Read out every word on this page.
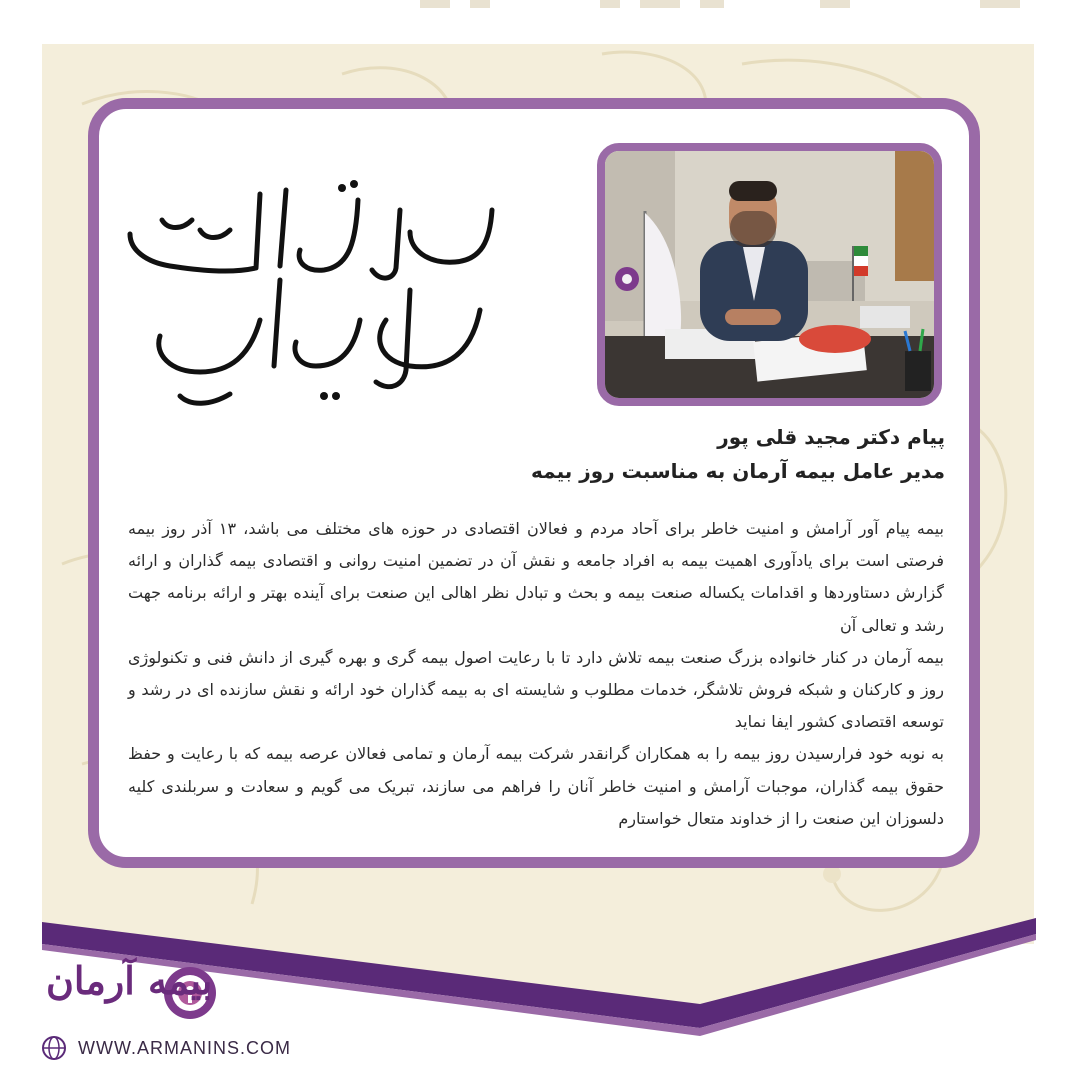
روز بیمه
گرامی باد
پیام دکتر مجید قلی پور
مدیر عامل بیمه آرمان به مناسبت روز بیمه

بیمه پیام آور آرامش و امنیت خاطر برای آحاد مردم و فعالان اقتصادی در حوزه های مختلف می باشد، ۱۳ آذر روز بیمه فرصتی است برای یادآوری اهمیت بیمه به افراد جامعه و نقش آن در تضمین امنیت روانی و اقتصادی بیمه گذاران و ارائه گزارش دستاوردها و اقدامات یکساله صنعت بیمه و بحث و تبادل نظر اهالی این صنعت برای آینده بهتر و ارائه برنامه جهت رشد و تعالی آن

بیمه آرمان در کنار خانواده بزرگ صنعت بیمه تلاش دارد تا با رعایت اصول بیمه گری و بهره گیری از دانش فنی و تکنولوژی روز و کارکنان و شبکه فروش تلاشگر، خدمات مطلوب و شایسته ای به بیمه گذاران خود ارائه و نقش سازنده ای در رشد و توسعه اقتصادی کشور ایفا نماید

به نوبه خود فرارسیدن روز بیمه را به همکاران گرانقدر شرکت بیمه آرمان و تمامی فعالان عرصه بیمه که با رعایت و حفظ حقوق بیمه گذاران، موجبات آرامش و امنیت خاطر آنان را فراهم می سازند، تبریک می گویم و سعادت و سربلندی کلیه دلسوزان این صنعت را از خداوند متعال خواستارم

بیمه آرمان
WWW.ARMANINS.COM
